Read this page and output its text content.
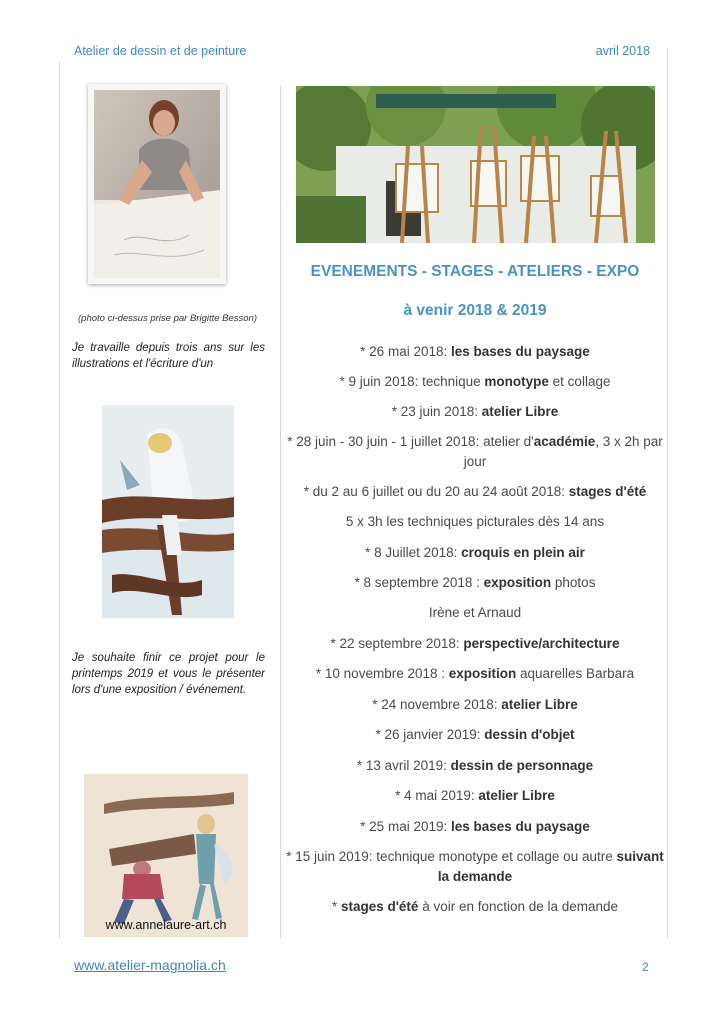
Atelier de dessin et de peinture	avril 2018
(photo ci-dessus prise par Brigitte Besson)
Je travaille depuis trois ans sur les illustrations et l'écriture d'un
Je souhaite finir ce projet pour le printemps 2019 et vous le présenter lors d'une exposition / événement.
www.annelaure-art.ch
EVENEMENTS - STAGES - ATELIERS - EXPO
à venir 2018 & 2019
* 26 mai 2018: les bases du paysage
* 9 juin 2018: technique monotype et collage
* 23 juin 2018: atelier Libre
* 28 juin - 30 juin - 1 juillet 2018: atelier d'académie, 3 x 2h par jour
* du 2 au 6 juillet ou du 20 au 24 août 2018: stages d'été
5 x 3h les techniques picturales dès 14 ans
* 8 Juillet 2018: croquis en plein air
* 8 septembre 2018 : exposition photos
Irène et Arnaud
* 22 septembre 2018: perspective/architecture
* 10 novembre 2018 : exposition aquarelles Barbara
* 24 novembre 2018: atelier Libre
* 26 janvier 2019: dessin d'objet
* 13 avril 2019: dessin de personnage
* 4 mai 2019: atelier Libre
* 25 mai 2019: les bases du paysage
* 15 juin 2019: technique monotype et collage ou autre suivant la demande
* stages d'été à voir en fonction de la demande
www.atelier-magnolia.ch	2
